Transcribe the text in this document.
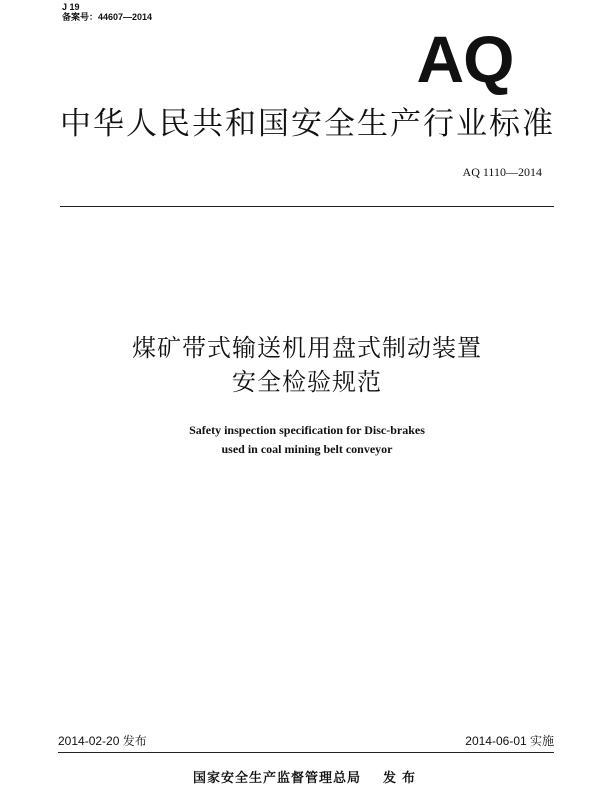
J 19
备案号：44607—2014
AQ
中华人民共和国安全生产行业标准
AQ 1110—2014
煤矿带式输送机用盘式制动装置
安全检验规范
Safety inspection specification for Disc-brakes
used in coal mining belt conveyor
2014-02-20 发布	2014-06-01 实施
国家安全生产监督管理总局 发布
